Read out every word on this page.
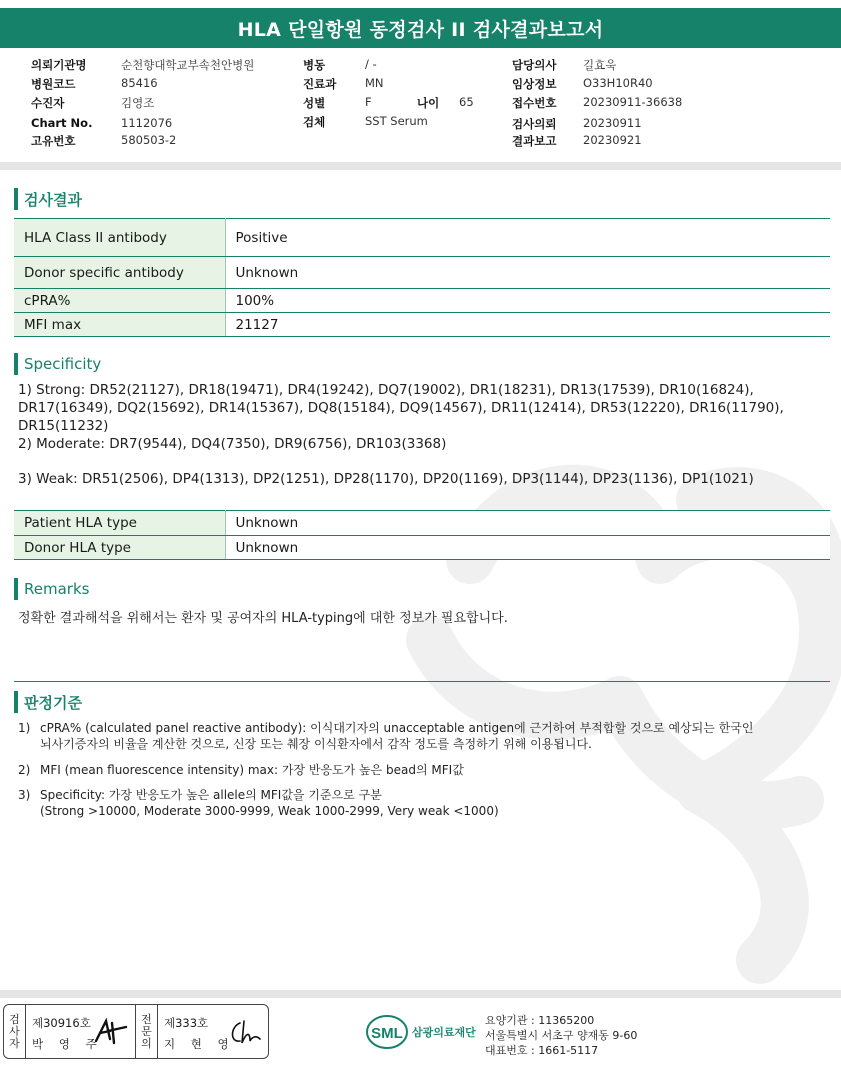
HLA 단일항원 동정검사 II 검사결과보고서
의뢰기관명	순천향대학교부속천안병원
병원코드	85416
수진자	김영조
Chart No. 1112076
고유번호	580503-2
병동	/ -
진료과 MN
성별	F	나이 65
검체	SST Serum
담당의사 길효욱
임상정보 O33H10R40
접수번호 20230911-36638
검사의뢰 20230911
결과보고 20230921
검사결과
HLA Class II antibody	Positive
Donor specific antibody	Unknown
cPRA%	100%
MFI max	21127
Specificity
1) Strong: DR52(21127), DR18(19471), DR4(19242), DQ7(19002), DR1(18231), DR13(17539), DR10(16824), DR17(16349), DQ2(15692), DR14(15367), DQ8(15184), DQ9(14567), DR11(12414), DR53(12220), DR16(11790), DR15(11232)
2) Moderate: DR7(9544), DQ4(7350), DR9(6756), DR103(3368)
3) Weak: DR51(2506), DP4(1313), DP2(1251), DP28(1170), DP20(1169), DP3(1144), DP23(1136), DP1(1021)
Patient HLA type	Unknown
Donor HLA type	Unknown
Remarks
정확한 결과해석을 위해서는 환자 및 공여자의 HLA-typing에 대한 정보가 필요합니다.
판정기준
1) cPRA% (calculated panel reactive antibody): 이식대기자의 unacceptable antigen에 근거하여 부적합할 것으로 예상되는 한국인
뇌사기증자의 비율을 계산한 것으로, 신장 또는 췌장 이식환자에서 감작 정도를 측정하기 위해 이용됩니다.
2) MFI (mean fluorescence intensity) max: 가장 반응도가 높은 bead의 MFI값
3) Specificity: 가장 반응도가 높은 allele의 MFI값을 기준으로 구분
(Strong >10000, Moderate 3000-9999, Weak 1000-2999, Very weak <1000)
검
사
자
제30916호
박 영 주
전
문
의
제333호
지 현 영
SML 삼광의료재단
요양기관 : 11365200
서울특별시 서초구 양재동 9-60
대표번호 : 1661-5117
